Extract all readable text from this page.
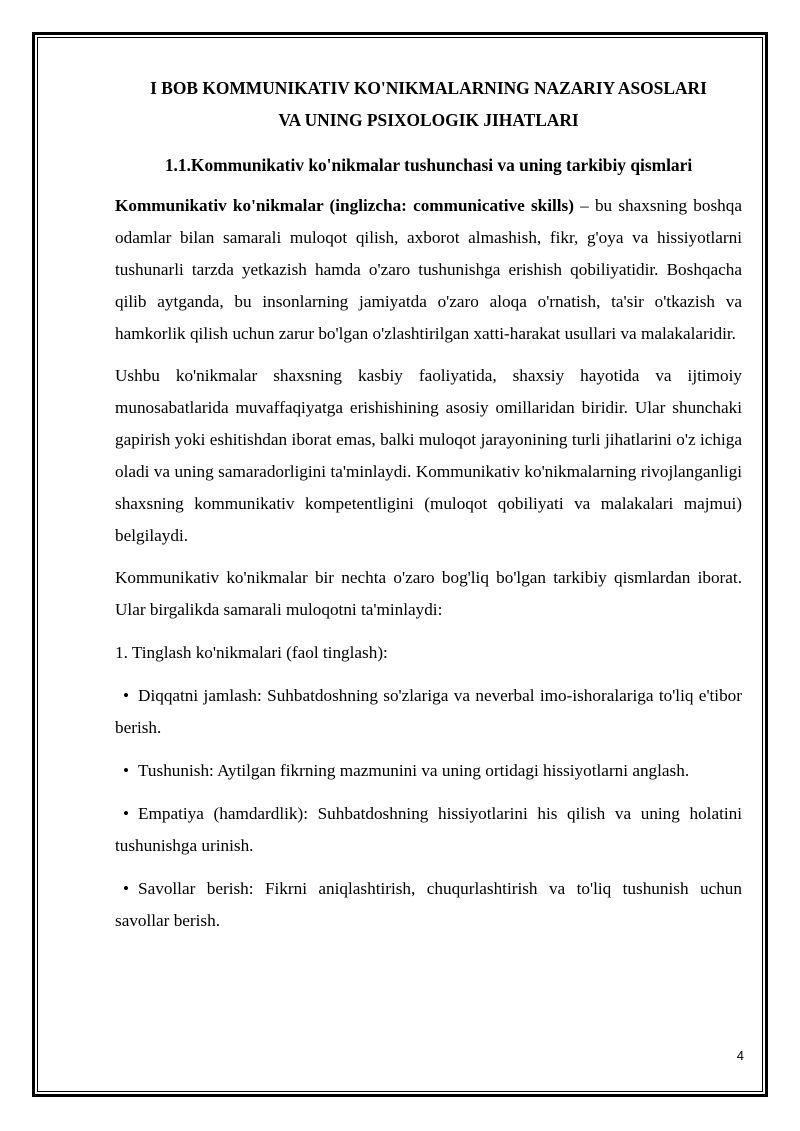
I BOB KOMMUNIKATIV KO'NIKMALARNING NAZARIY ASOSLARI
VA UNING PSIXOLOGIK JIHATLARI
1.1.Kommunikativ ko'nikmalar tushunchasi va uning tarkibiy qismlari

Kommunikativ ko'nikmalar (inglizcha: communicative skills) – bu shaxsning boshqa odamlar bilan samarali muloqot qilish, axborot almashish, fikr, g'oya va hissiyotlarni tushunarli tarzda yetkazish hamda o'zaro tushunishga erishish qobiliyatidir. Boshqacha qilib aytganda, bu insonlarning jamiyatda o'zaro aloqa o'rnatish, ta'sir o'tkazish va hamkorlik qilish uchun zarur bo'lgan o'zlashtirilgan xatti-harakat usullari va malakalaridir.

Ushbu ko'nikmalar shaxsning kasbiy faoliyatida, shaxsiy hayotida va ijtimoiy munosabatlarida muvaffaqiyatga erishishining asosiy omillaridan biridir. Ular shunchaki gapirish yoki eshitishdan iborat emas, balki muloqot jarayonining turli jihatlarini o'z ichiga oladi va uning samaradorligini ta'minlaydi. Kommunikativ ko'nikmalarning rivojlanganligi shaxsning kommunikativ kompetentligini (muloqot qobiliyati va malakalari majmui) belgilaydi.

Kommunikativ ko'nikmalar bir nechta o'zaro bog'liq bo'lgan tarkibiy qismlardan iborat. Ular birgalikda samarali muloqotni ta'minlaydi:

1. Tinglash ko'nikmalari (faol tinglash):

• Diqqatni jamlash: Suhbatdoshning so'zlariga va neverbal imo-ishoralariga to'liq e'tibor berish.

• Tushunish: Aytilgan fikrning mazmunini va uning ortidagi hissiyotlarni anglash.

• Empatiya (hamdardlik): Suhbatdoshning hissiyotlarini his qilish va uning holatini tushunishga urinish.

• Savollar berish: Fikrni aniqlashtirish, chuqurlashtirish va to'liq tushunish uchun savollar berish.

4
